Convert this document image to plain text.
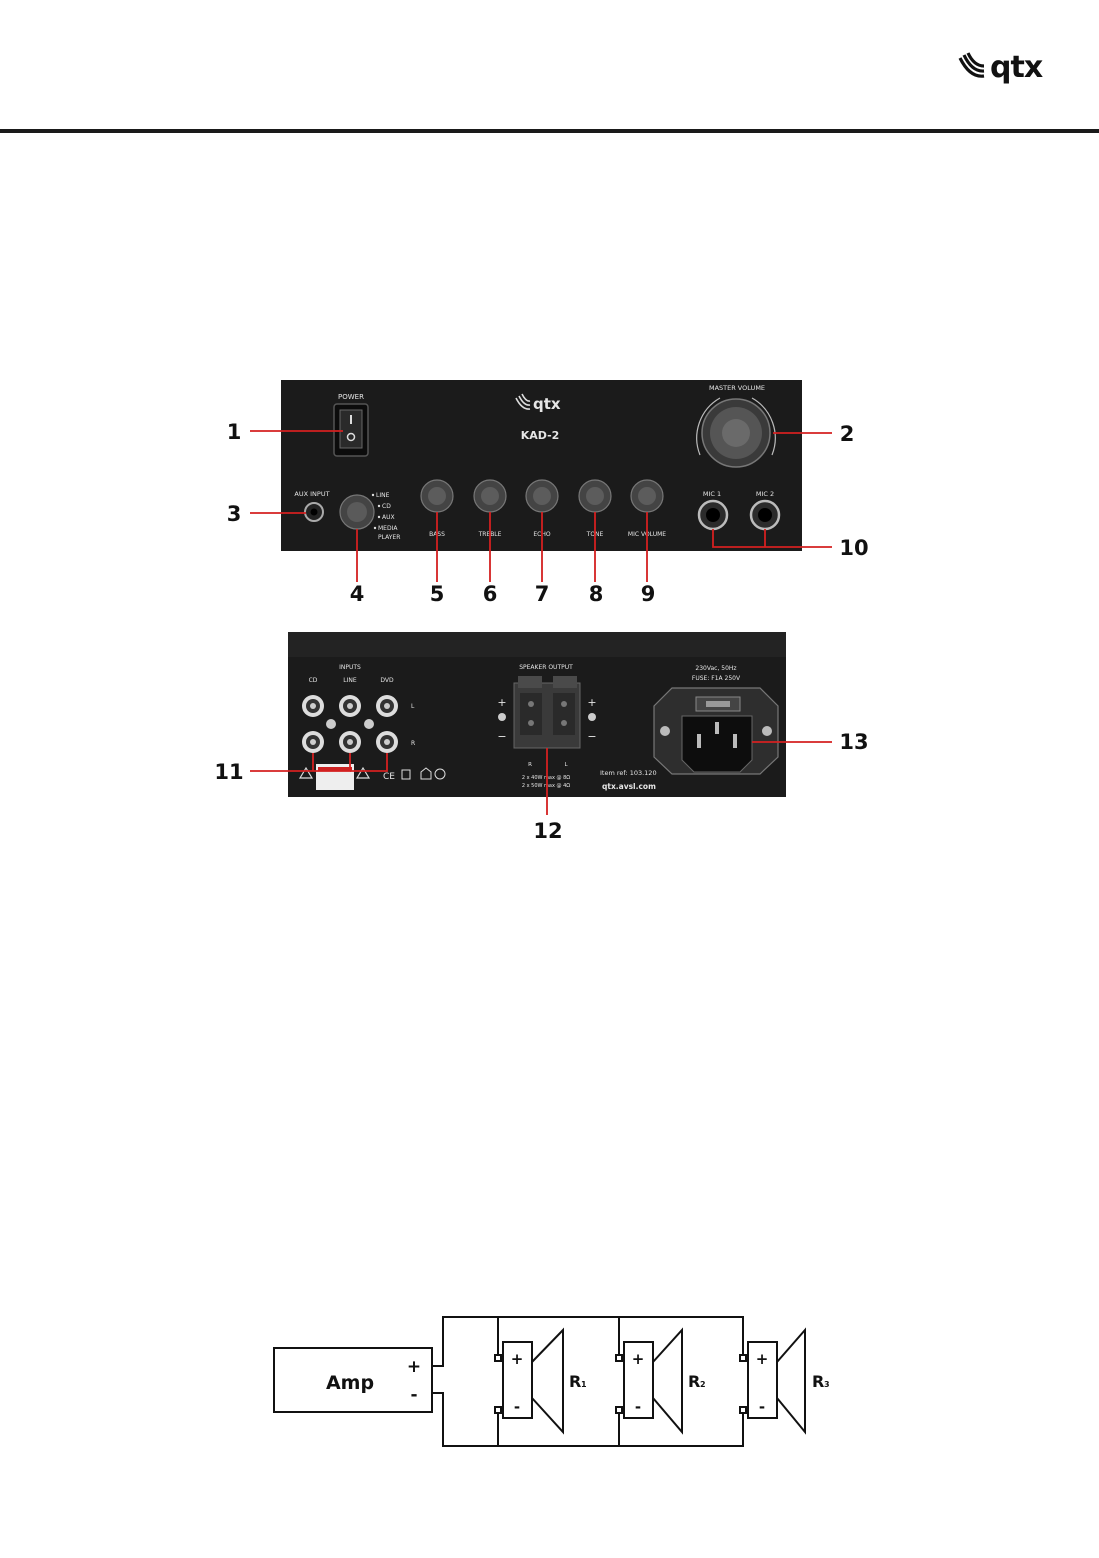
qtx
POWER	qtx
KAD-2
MASTER VOLUME
AUX INPUT	LINE
CD
AUX
MEDIA
PLAYER	BASS	TREBLE	ECHO	TONE	MIC VOLUME
MIC 1	MIC 2
INPUTS
CD	LINE	DVD
L
R
CE
SPEAKER OUTPUT
+
−
+
−
R	L
2 x 40W max @ 8Ω
2 x 50W max @ 4Ω
230Vac, 50Hz
FUSE: F1A 250V
Item ref: 103.120
qtx.avsl.com
1	2
3
4	5 6 7 8 9
10
11
12
13
Amp
+
-
+
-
+
-
+
-
R 1	R 2	R 3
